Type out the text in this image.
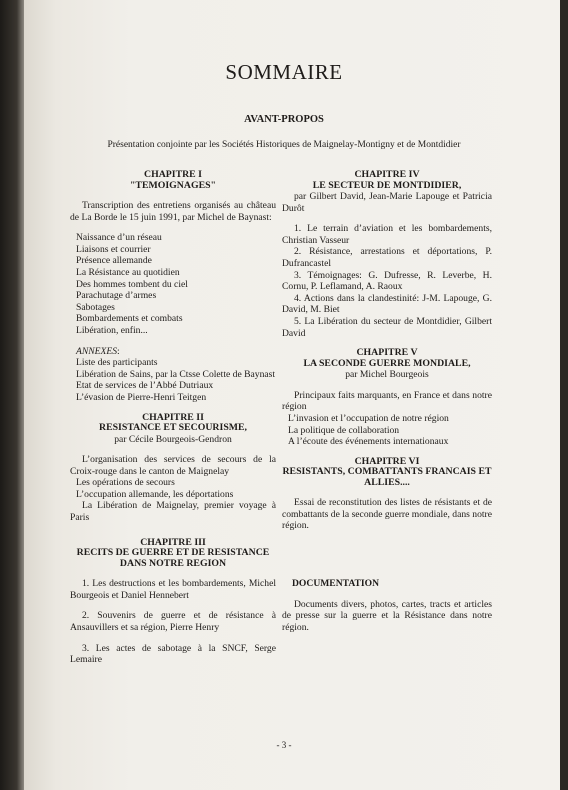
SOMMAIRE
AVANT-PROPOS
Présentation conjointe par les Sociétés Historiques de Maignelay-Montigny et de Montdidier
CHAPITRE I
"TEMOIGNAGES"

Transcription des entretiens organisés au château de La Borde le 15 juin 1991, par Michel de Baynast:

Naissance d’un réseau
Liaisons et courrier
Présence allemande
La Résistance au quotidien
Des hommes tombent du ciel
Parachutage d’armes
Sabotages
Bombardements et combats
Libération, enfin...
ANNEXES:
Liste des participants
Libération de Sains, par la Ctsse Colette de Baynast
Etat de services de l’Abbé Dutriaux
L’évasion de Pierre-Henri Teitgen
CHAPITRE II
RESISTANCE ET SECOURISME,
par Cécile Bourgeois-Gendron

L’organisation des services de secours de la Croix-rouge dans le canton de Maignelay

Les opérations de secours
L’occupation allemande, les déportations

La Libération de Maignelay, premier voyage à Paris

CHAPITRE III
RECITS DE GUERRE ET DE RESISTANCE DANS NOTRE REGION

1. Les destructions et les bombardements, Michel Bourgeois et Daniel Hennebert

2. Souvenirs de guerre et de résistance à Ansauvillers et sa région, Pierre Henry

3. Les actes de sabotage à la SNCF, Serge Lemaire

CHAPITRE IV
LE SECTEUR DE MONTDIDIER,

par Gilbert David, Jean-Marie Lapouge et Patricia Durôt

1. Le terrain d’aviation et les bombardements, Christian Vasseur

2. Résistance, arrestations et déportations, P. Dufrancastel

3. Témoignages: G. Dufresse, R. Leverbe, H. Cornu, P. Leflamand, A. Raoux

4. Actions dans la clandestinité: J-M. Lapouge, G. David, M. Biet

5. La Libération du secteur de Montdidier, Gilbert David

CHAPITRE V
LA SECONDE GUERRE MONDIALE,
par Michel Bourgeois

Principaux faits marquants, en France et dans notre région

L’invasion et l’occupation de notre région
La politique de collaboration
A l’écoute des événements internationaux
CHAPITRE VI
RESISTANTS, COMBATTANTS FRANCAIS ET ALLIES....

Essai de reconstitution des listes de résistants et de combattants de la seconde guerre mondiale, dans notre région.

DOCUMENTATION

Documents divers, photos, cartes, tracts et articles de presse sur la guerre et la Résistance dans notre région.

- 3 -
